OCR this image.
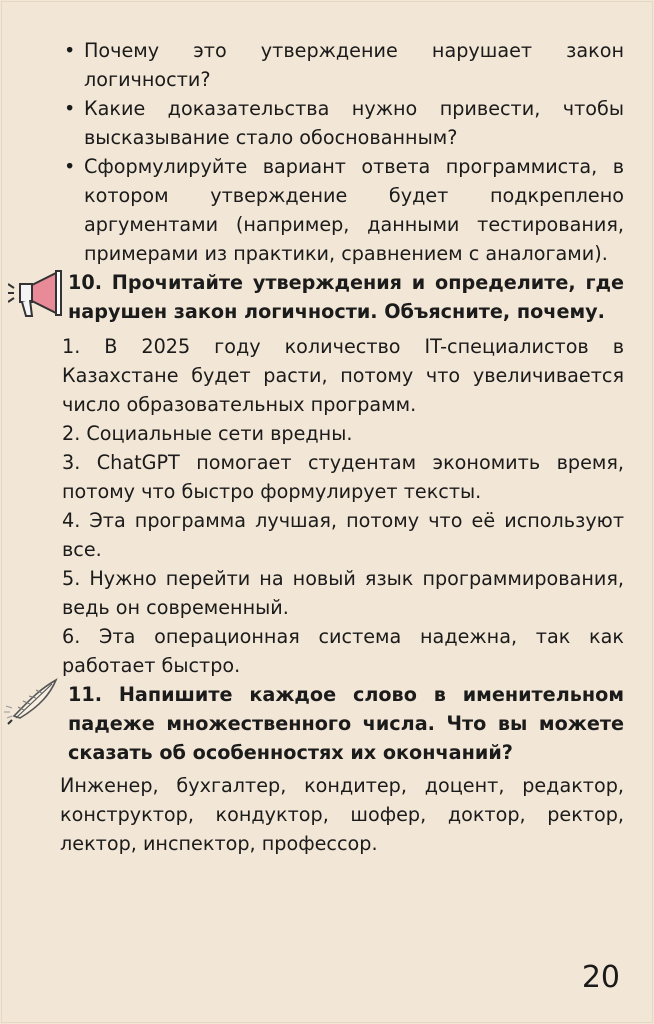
• Почему это утверждение нарушает закон логичности?
• Какие доказательства нужно привести, чтобы высказывание стало обоснованным?
• Сформулируйте вариант ответа программиста, в котором утверждение будет подкреплено аргументами (например, данными тестирования, примерами из практики, сравнением с аналогами).

10. Прочитайте утверждения и определите, где нарушен закон логичности. Объясните, почему.

1. В 2025 году количество IT-специалистов в Казахстане будет расти, потому что увеличивается число образовательных программ.

2. Социальные сети вредны.

3. ChatGPT помогает студентам экономить время, потому что быстро формулирует тексты.

4. Эта программа лучшая, потому что её используют все.

5. Нужно перейти на новый язык программирования, ведь он современный.

6. Эта операционная система надежна, так как работает быстро.

11. Напишите каждое слово в именительном падеже множественного числа. Что вы можете сказать об особенностях их окончаний?

Инженер, бухгалтер, кондитер, доцент, редактор, конструктор, кондуктор, шофер, доктор, ректор, лектор, инспектор, профессор.

20
